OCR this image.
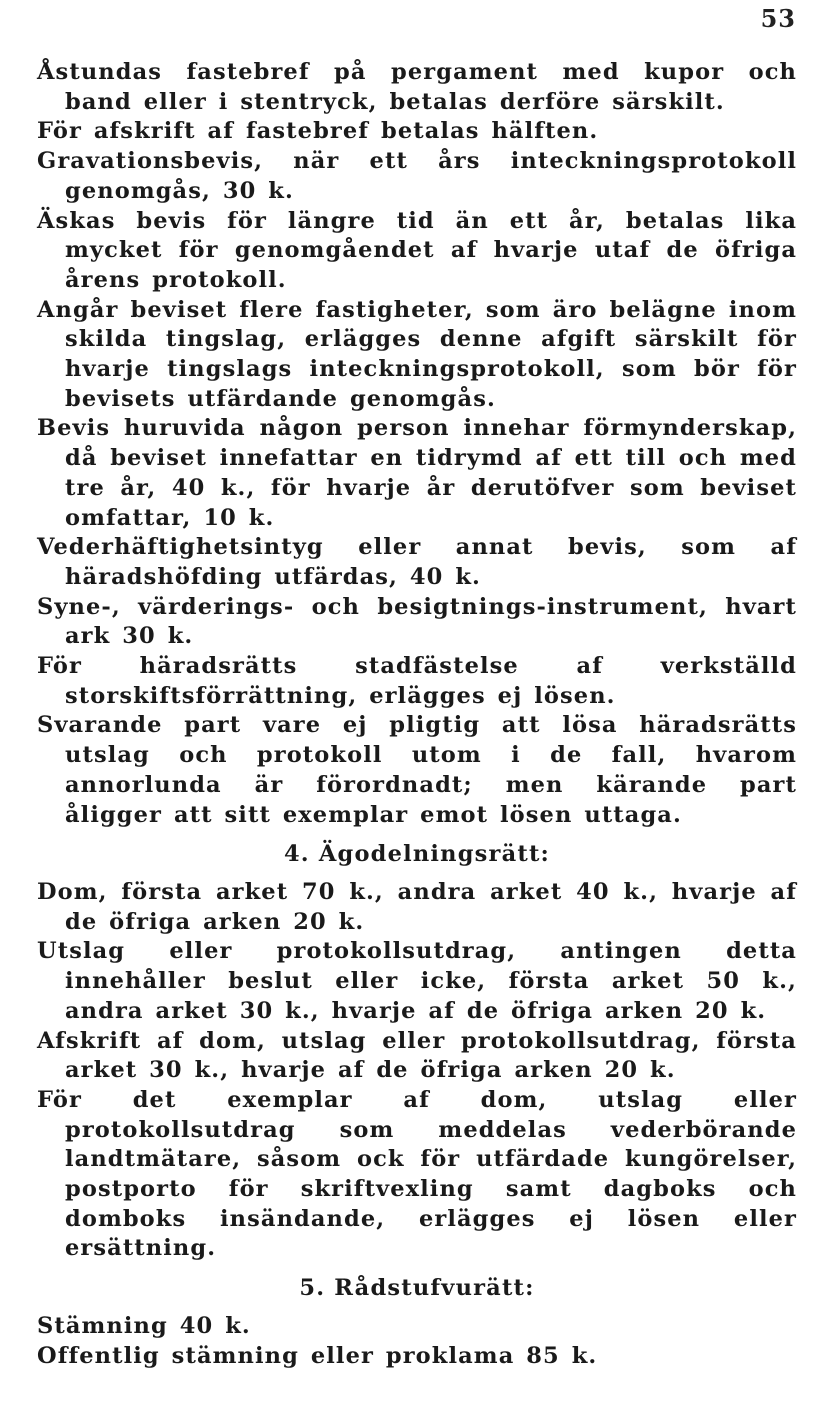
53

Åstundas fastebref på pergament med kupor och band eller i stentryck, betalas derföre särskilt.

För afskrift af fastebref betalas hälften.

Gravationsbevis, när ett års inteckningsprotokoll genomgås, 30 k.

Äskas bevis för längre tid än ett år, betalas lika mycket för genomgåendet af hvarje utaf de öfriga årens protokoll.

Angår beviset flere fastigheter, som äro belägne inom skilda tingslag, erlägges denne afgift särskilt för hvarje tingslags inteckningsprotokoll, som bör för bevisets utfärdande genomgås.

Bevis huruvida någon person innehar förmynderskap, då beviset innefattar en tidrymd af ett till och med tre år, 40 k., för hvarje år derutöfver som beviset omfattar, 10 k.

Vederhäftighetsintyg eller annat bevis, som af häradshöfding utfärdas, 40 k.

Syne-, värderings- och besigtnings-instrument, hvart ark 30 k.

För häradsrätts stadfästelse af verkställd storskiftsförrättning, erlägges ej lösen.

Svarande part vare ej pligtig att lösa häradsrätts utslag och protokoll utom i de fall, hvarom annorlunda är förordnadt; men kärande part åligger att sitt exemplar emot lösen uttaga.

4. Ägodelningsrätt:

Dom, första arket 70 k., andra arket 40 k., hvarje af de öfriga arken 20 k.

Utslag eller protokollsutdrag, antingen detta innehåller beslut eller icke, första arket 50 k., andra arket 30 k., hvarje af de öfriga arken 20 k.

Afskrift af dom, utslag eller protokollsutdrag, första arket 30 k., hvarje af de öfriga arken 20 k.

För det exemplar af dom, utslag eller protokollsutdrag som meddelas vederbörande landtmätare, såsom ock för utfärdade kungörelser, postporto för skriftvexling samt dagboks och domboks insändande, erlägges ej lösen eller ersättning.

5. Rådstufvurätt:

Stämning 40 k.

Offentlig stämning eller proklama 85 k.
